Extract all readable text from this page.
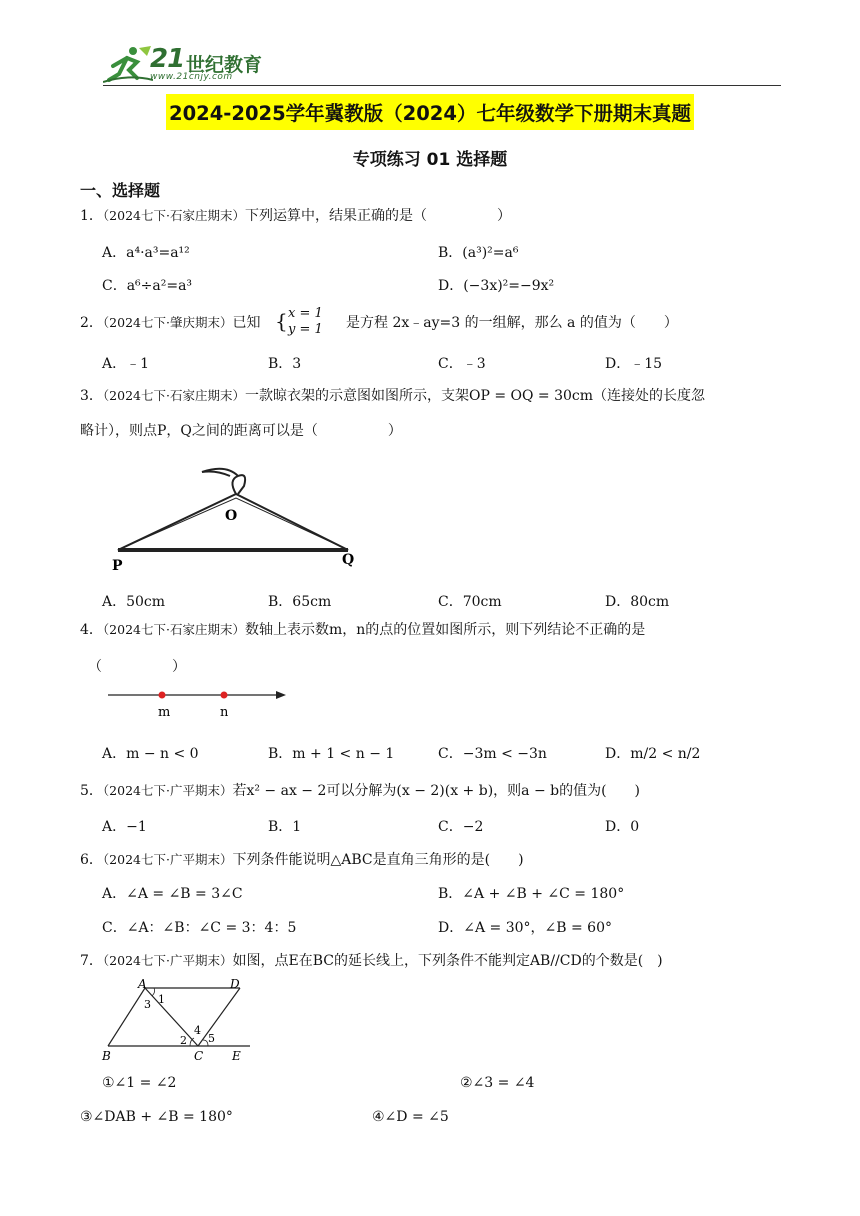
21 世纪教育
www.21cnjy.com
2024-2025学年冀教版（2024）七年级数学下册期末真题
专项练习 01 选择题
一、选择题
1．（2024七下·石家庄期末）下列运算中，结果正确的是（　　　　　）
A．a⁴·a³=a¹²	B．(a³)²=a⁶
C．a⁶÷a²=a³	D．(−3x)²=−9x²
2．（2024七下·肇庆期末）已知 { x = 1
y = 1 是方程 2x﹣ay=3 的一组解，那么 a 的值为（　　）
A．﹣1	B．3	C．﹣3	D．﹣15
3．（2024七下·石家庄期末）一款晾衣架的示意图如图所示，支架OP = OQ = 30cm（连接处的长度忽
略计），则点P，Q之间的距离可以是（　　　　　）
O
P	Q
A．50cm	B．65cm	C．70cm	D．80cm
4．（2024七下·石家庄期末）数轴上表示数m，n的点的位置如图所示，则下列结论不正确的是
（　　　　　）
m	n
A．m − n < 0	B．m + 1 < n − 1	C．−3m < −3n	D．m/2 < n/2
5．（2024七下·广平期末）若x² − ax − 2可以分解为(x − 2)(x + b)，则a − b的值为(　　)
A．−1	B．1	C．−2	D．0
6．（2024七下·广平期末）下列条件能说明△ABC是直角三角形的是(　　)
A．∠A = ∠B = 3∠C	B．∠A + ∠B + ∠C = 180°
C．∠A：∠B：∠C = 3：4：5	D．∠A = 30°，∠B = 60°
7．（2024七下·广平期末）如图，点E在BC的延长线上，下列条件不能判定AB//CD的个数是(　)
A	D
B	C E
1
2
3
4
5
①∠1 = ∠2	②∠3 = ∠4
③∠DAB + ∠B = 180°	④∠D = ∠5
